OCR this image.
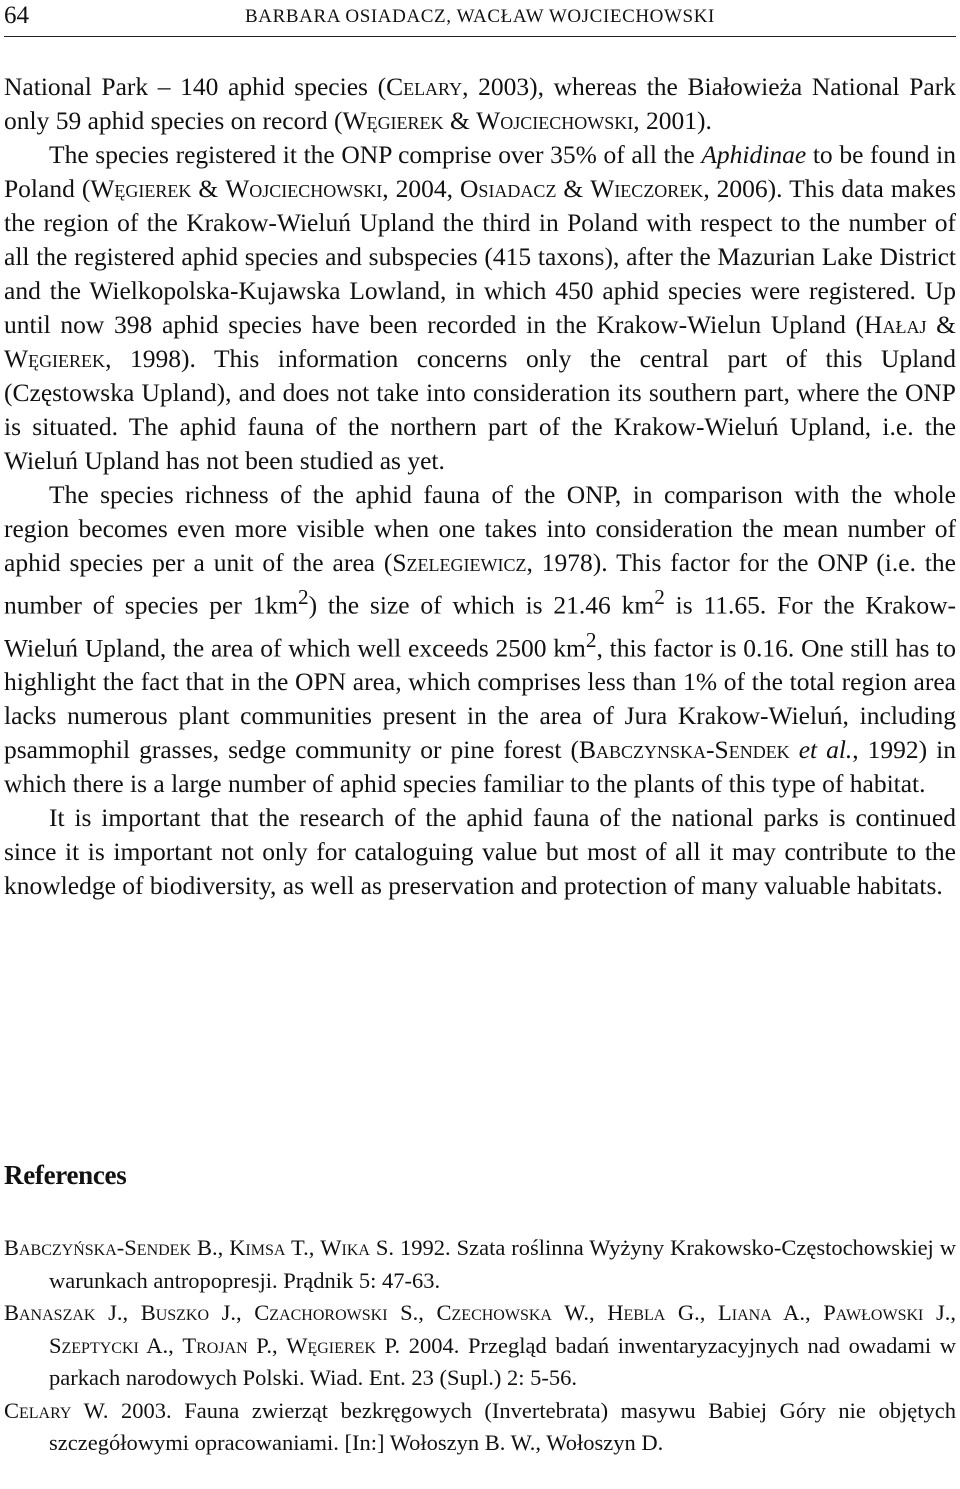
64	BARBARA OSIADACZ, WACŁAW WOJCIECHOWSKI

National Park – 140 aphid species (Celary, 2003), whereas the Białowieża National Park only 59 aphid species on record (Węgierek & Wojciechowski, 2001).

The species registered it the ONP comprise over 35% of all the Aphidinae to be found in Poland (Węgierek & Wojciechowski, 2004, Osiadacz & Wieczorek, 2006). This data makes the region of the Krakow-Wieluń Upland the third in Poland with respect to the number of all the registered aphid species and subspecies (415 taxons), after the Mazurian Lake District and the Wielkopolska-Kujawska Lowland, in which 450 aphid species were registered. Up until now 398 aphid species have been recorded in the Krakow-Wielun Upland (Hałaj & Węgierek, 1998). This information concerns only the central part of this Upland (Częstowska Upland), and does not take into consideration its southern part, where the ONP is situated. The aphid fauna of the northern part of the Krakow-Wieluń Upland, i.e. the Wieluń Upland has not been studied as yet.

The species richness of the aphid fauna of the ONP, in comparison with the whole region becomes even more visible when one takes into consideration the mean number of aphid species per a unit of the area (Szelegiewicz, 1978). This factor for the ONP (i.e. the number of species per $1km^2$) the size of which is 21.46 $km^2$ is 11.65. For the Krakow-Wieluń Upland, the area of which well exceeds 2500 $km^2$, this factor is 0.16. One still has to highlight the fact that in the OPN area, which comprises less than 1% of the total region area lacks numerous plant communities present in the area of Jura Krakow-Wieluń, including psammophil grasses, sedge community or pine forest (Babczynska-Sendek et al., 1992) in which there is a large number of aphid species familiar to the plants of this type of habitat.

It is important that the research of the aphid fauna of the national parks is continued since it is important not only for cataloguing value but most of all it may contribute to the knowledge of biodiversity, as well as preservation and protection of many valuable habitats.

References

Babczyńska-Sendek B., Kimsa T., Wika S. 1992. Szata roślinna Wyżyny Krakowsko-Częstochowskiej w warunkach antropopresji. Prądnik 5: 47-63.

Banaszak J., Buszko J., Czachorowski S., Czechowska W., Hebla G., Liana A., Pawłowski J., Szeptycki A., Trojan P., Węgierek P. 2004. Przegląd badań inwentaryzacyjnych nad owadami w parkach narodowych Polski. Wiad. Ent. 23 (Supl.) 2: 5-56.

Celary W. 2003. Fauna zwierząt bezkręgowych (Invertebrata) masywu Babiej Góry nie objętych szczegółowymi opracowaniami. [In:] Wołoszyn B. W., Wołoszyn D.
